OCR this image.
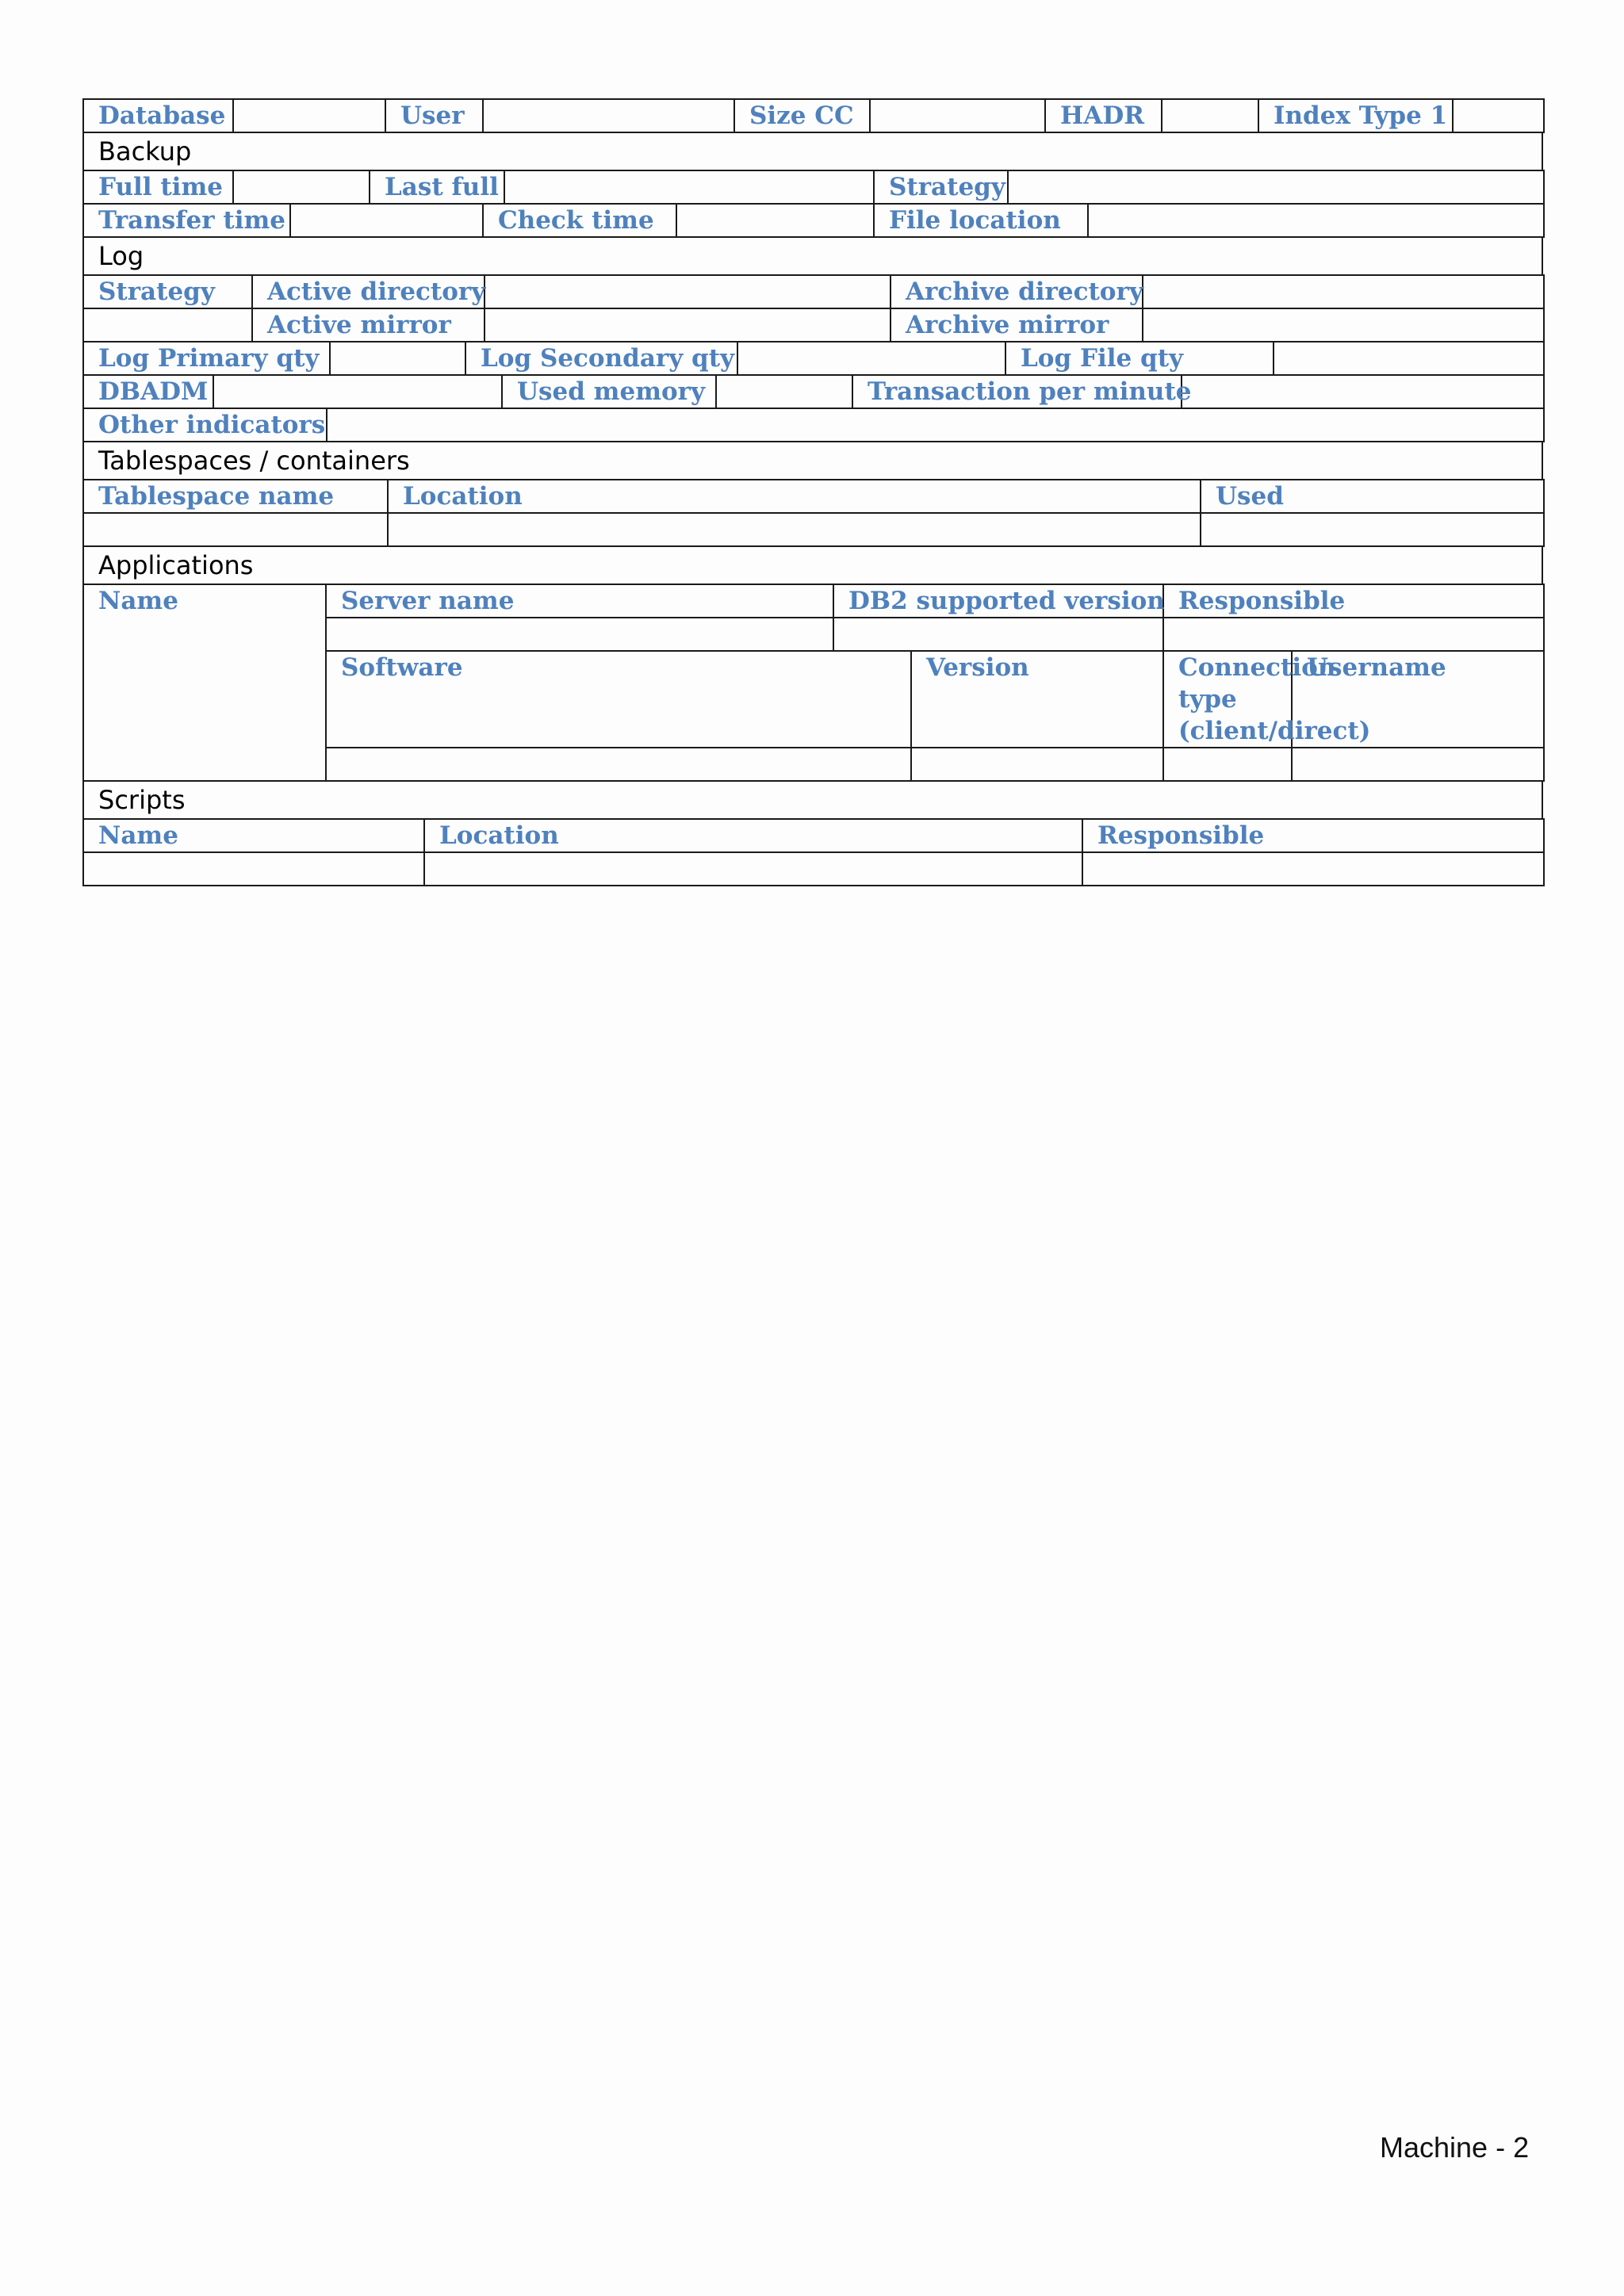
Database		User		Size CC		HADR		Index Type 1	
Backup
Full time		Last full		Strategy	
Transfer time		Check time		File location	
Log
Strategy	Active directory		Archive directory	
	Active mirror		Archive mirror	
Log Primary qty		Log Secondary qty		Log File qty	
DBADM		Used memory		Transaction per minute	
Other indicators	
Tablespaces / containers
Tablespace name	Location	Used

Applications
Name	Server name	DB2 supported version		Responsible	

	Software		Version	Connection type (client/direct)	Username

Scripts
Name	Location	Responsible

Machine - 2
